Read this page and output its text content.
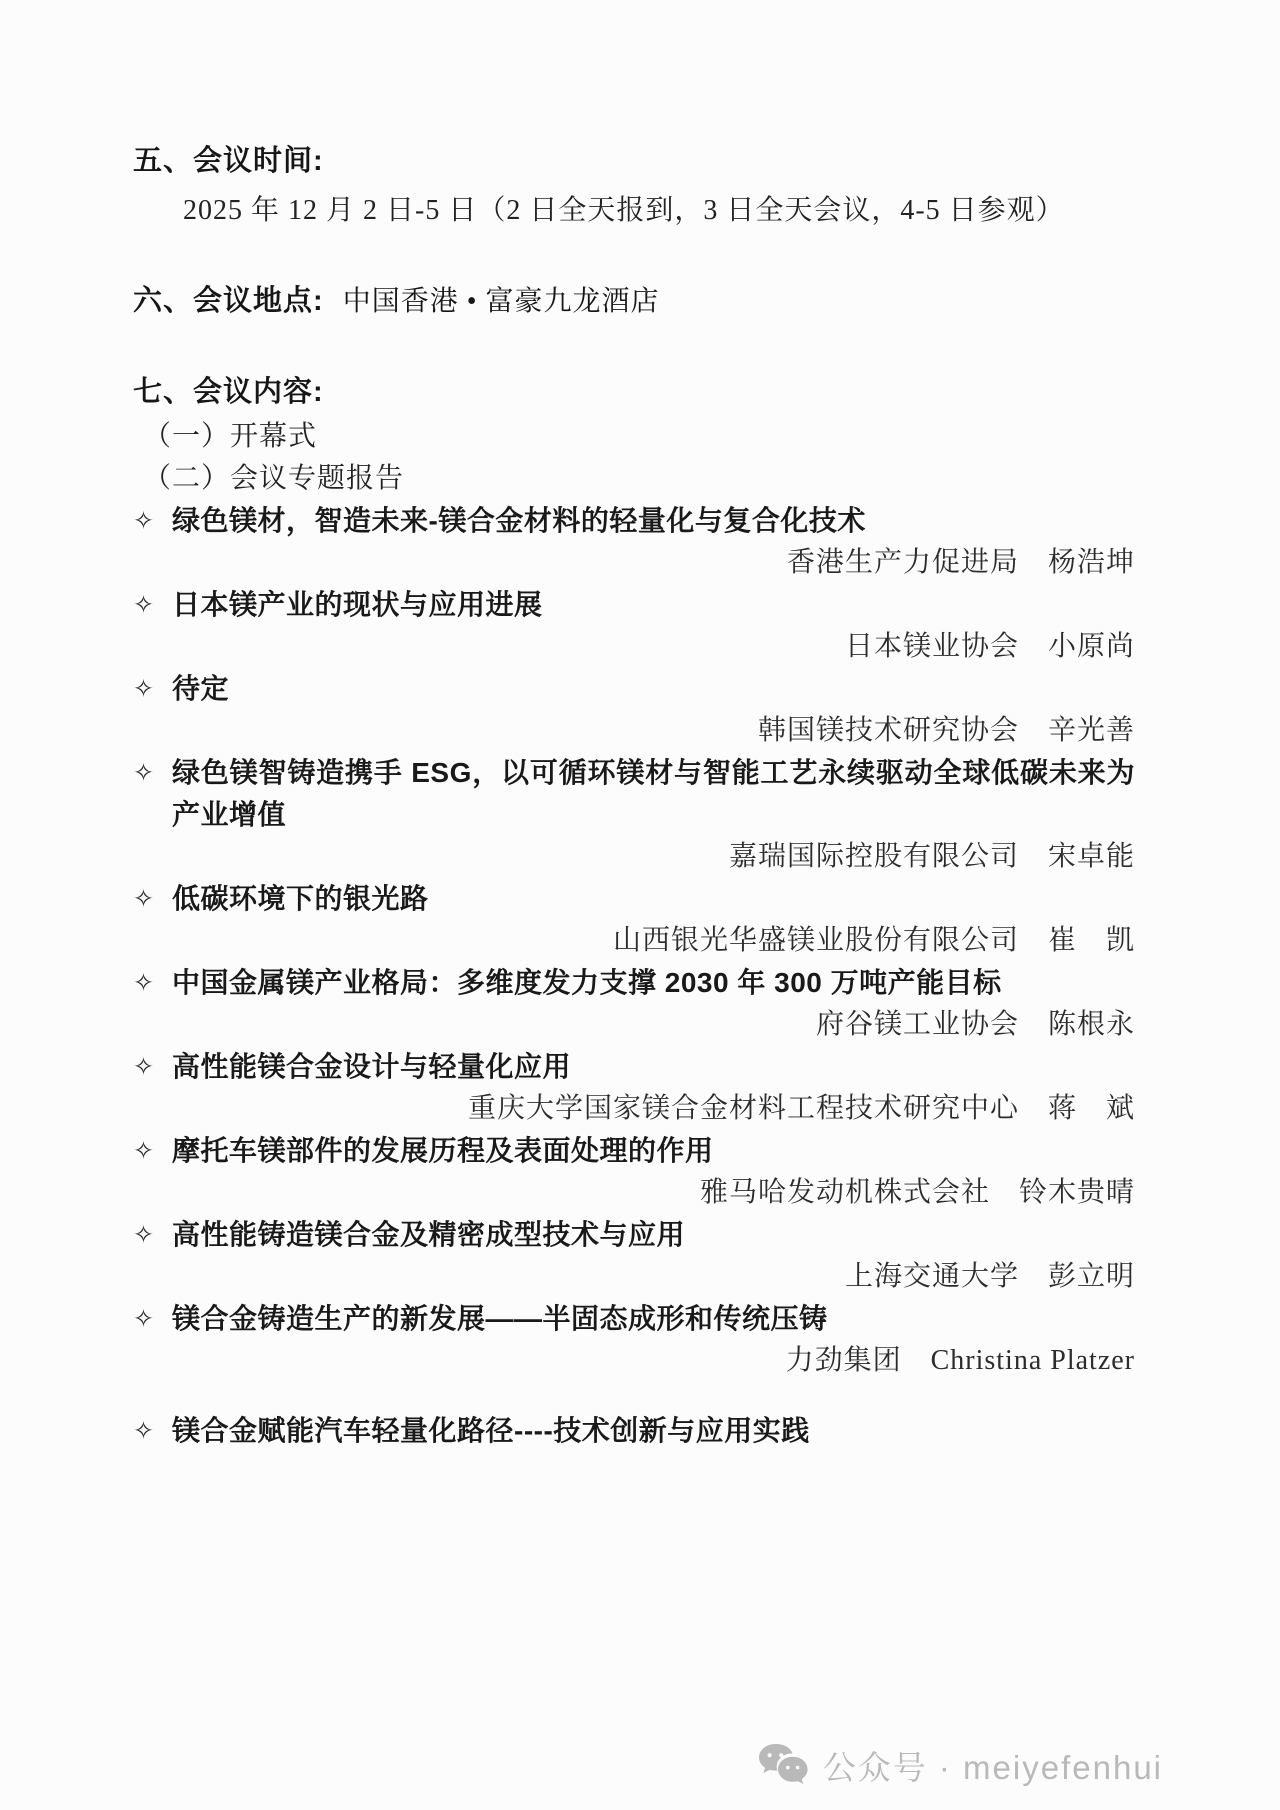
五、会议时间:
2025 年 12 月 2 日-5 日（2 日全天报到，3 日全天会议，4-5 日参观）
六、会议地点: 中国香港 • 富豪九龙酒店
七、会议内容:
（一）开幕式
（二）会议专题报告
✧ 绿色镁材，智造未来-镁合金材料的轻量化与复合化技术
香港生产力促进局　杨浩坤
✧ 日本镁产业的现状与应用进展
日本镁业协会　小原尚
✧ 待定
韩国镁技术研究协会　辛光善
✧ 绿色镁智铸造携手 ESG，以可循环镁材与智能工艺永续驱动全球低碳未来为产业增值
嘉瑞国际控股有限公司　宋卓能
✧ 低碳环境下的银光路
山西银光华盛镁业股份有限公司　崔　凯
✧ 中国金属镁产业格局：多维度发力支撑 2030 年 300 万吨产能目标
府谷镁工业协会　陈根永
✧ 高性能镁合金设计与轻量化应用
重庆大学国家镁合金材料工程技术研究中心　蒋　斌
✧ 摩托车镁部件的发展历程及表面处理的作用
雅马哈发动机株式会社　铃木贵晴
✧ 高性能铸造镁合金及精密成型技术与应用
上海交通大学　彭立明
✧ 镁合金铸造生产的新发展——半固态成形和传统压铸
力劲集团　Christina Platzer
✧ 镁合金赋能汽车轻量化路径----技术创新与应用实践
公众号 · meiyefenhui
